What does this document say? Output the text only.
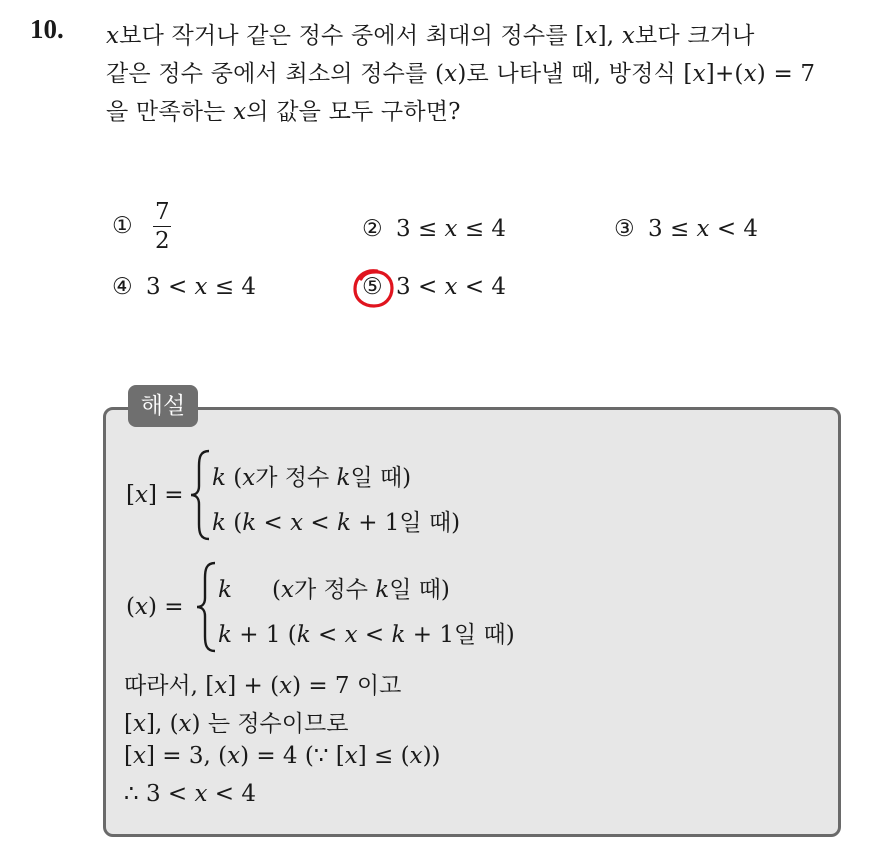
10. x보다 작거나 같은 정수 중에서 최대의 정수를 [x], x보다 크거나
같은 정수 중에서 최소의 정수를 (x)로 나타낼 때, 방정식 [x]+(x) = 7
을 만족하는 x의 값을 모두 구하면?
① $\frac{7}{2}$	② 3 ≤ x ≤ 4	③ 3 ≤ x < 4
④ 3 < x ≤ 4	⑤ 3 < x < 4
해설
[x] =
k (x가 정수 k일 때)
k (k < x < k + 1일 때)
(x) =
k (x가 정수 k일 때)
k + 1 (k < x < k + 1일 때)
따라서, [x] + (x) = 7 이고
[x], (x) 는 정수이므로
[x] = 3, (x) = 4 (∵ [x] ≤ (x))
∴ 3 < x < 4
